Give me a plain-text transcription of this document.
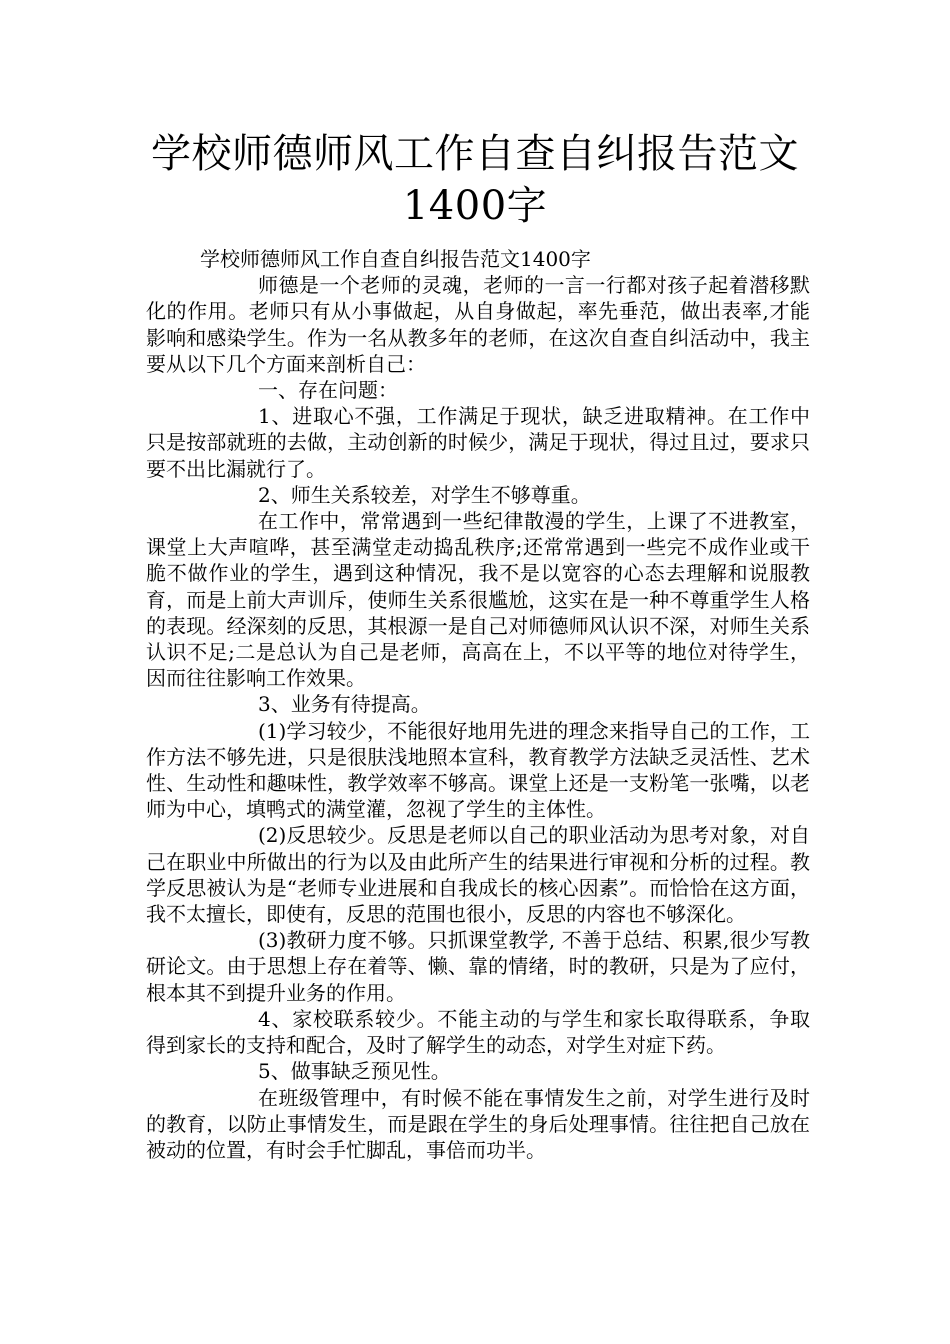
学校师德师风工作自查自纠报告范文1400字

学校师德师风工作自查自纠报告范文1400字

师德是一个老师的灵魂，老师的一言一行都对孩子起着潜移默化的作用。老师只有从小事做起，从自身做起，率先垂范，做出表率,才能影响和感染学生。作为一名从教多年的老师，在这次自查自纠活动中，我主要从以下几个方面来剖析自己：

一、存在问题：

1、进取心不强，工作满足于现状，缺乏进取精神。在工作中只是按部就班的去做，主动创新的时候少，满足于现状，得过且过，要求只要不出比漏就行了。

2、师生关系较差，对学生不够尊重。

在工作中，常常遇到一些纪律散漫的学生，上课了不进教室，课堂上大声喧哗，甚至满堂走动捣乱秩序;还常常遇到一些完不成作业或干脆不做作业的学生，遇到这种情况，我不是以宽容的心态去理解和说服教育，而是上前大声训斥，使师生关系很尴尬，这实在是一种不尊重学生人格的表现。经深刻的反思，其根源一是自己对师德师风认识不深，对师生关系认识不足;二是总认为自己是老师，高高在上，不以平等的地位对待学生，因而往往影响工作效果。

3、业务有待提高。

(1)学习较少，不能很好地用先进的理念来指导自己的工作，工作方法不够先进，只是很肤浅地照本宣科，教育教学方法缺乏灵活性、艺术性、生动性和趣味性，教学效率不够高。课堂上还是一支粉笔一张嘴，以老师为中心，填鸭式的满堂灌，忽视了学生的主体性。

(2)反思较少。反思是老师以自己的职业活动为思考对象，对自己在职业中所做出的行为以及由此所产生的结果进行审视和分析的过程。教学反思被认为是“老师专业进展和自我成长的核心因素”。而恰恰在这方面，我不太擅长，即使有，反思的范围也很小，反思的内容也不够深化。

(3)教研力度不够。只抓课堂教学, 不善于总结、积累,很少写教研论文。由于思想上存在着等、懒、靠的情绪，时的教研，只是为了应付，根本其不到提升业务的作用。

4、家校联系较少。不能主动的与学生和家长取得联系，争取得到家长的支持和配合，及时了解学生的动态，对学生对症下药。

5、做事缺乏预见性。

在班级管理中，有时候不能在事情发生之前，对学生进行及时的教育，以防止事情发生，而是跟在学生的身后处理事情。往往把自己放在被动的位置，有时会手忙脚乱，事倍而功半。
